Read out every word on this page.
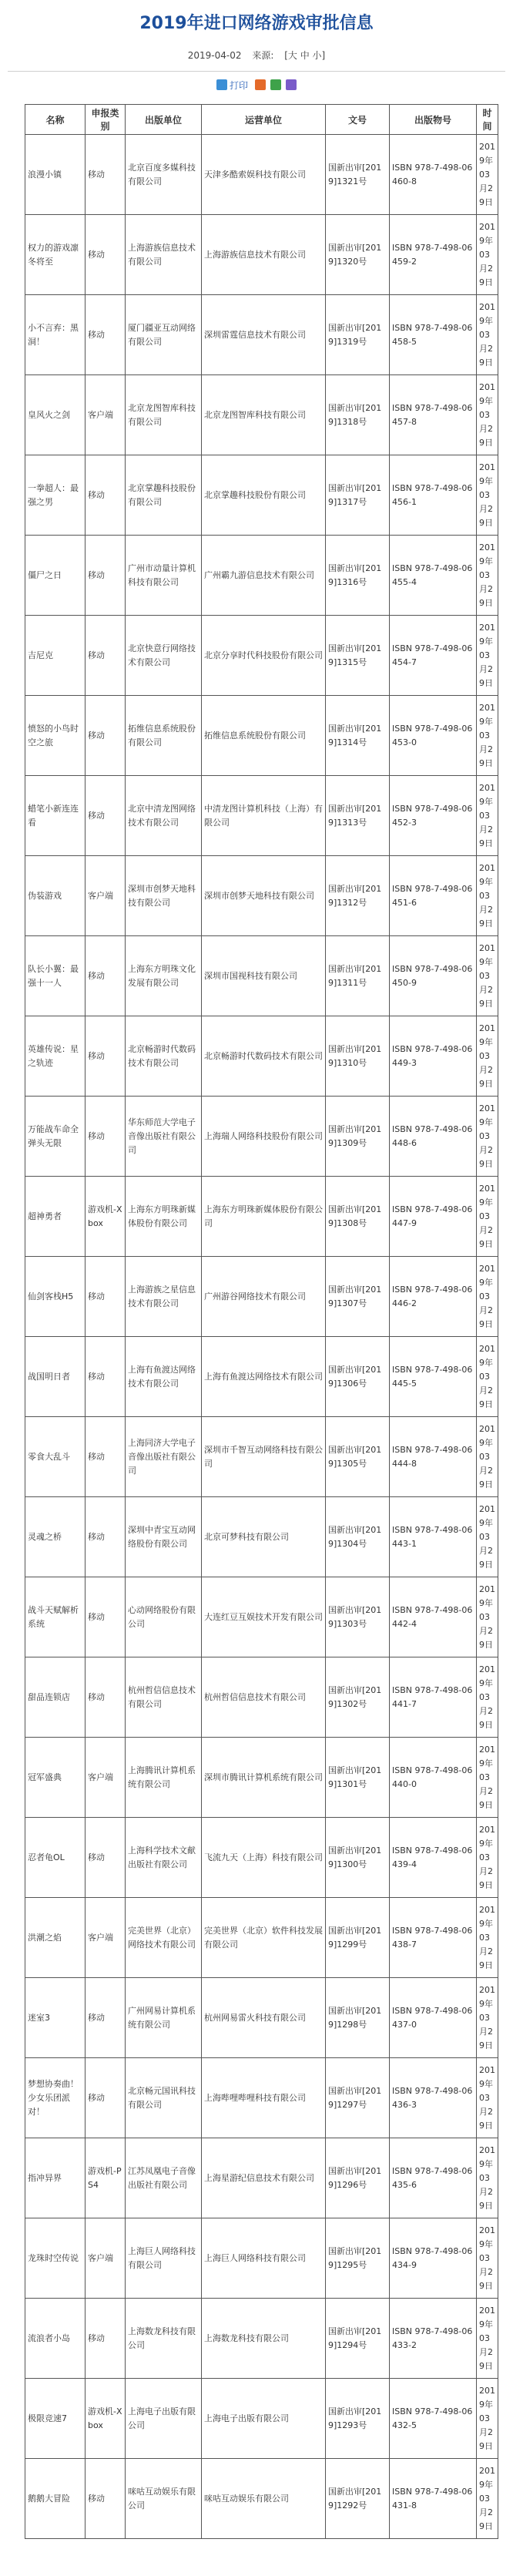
2019年进口网络游戏审批信息
2019-04-02 来源: [大 中 小]
打印
名称	申报类别	出版单位	运营单位	文号	出版物号	时间
浪漫小镇	移动	北京百度多媒科技有限公司	天津多酷索娱科技有限公司	国新出审[2019]1321号	ISBN 978-7-498-06460-8	2019年03月29日
权力的游戏凛冬将至	移动	上海游族信息技术有限公司	上海游族信息技术有限公司	国新出审[2019]1320号	ISBN 978-7-498-06459-2	2019年03月29日
小不言弃：黑洞！	移动	厦门疆亚互动网络有限公司	深圳雷霆信息技术有限公司	国新出审[2019]1319号	ISBN 978-7-498-06458-5	2019年03月29日
皇风火之剑	客户端	北京龙图智库科技有限公司	北京龙图智库科技有限公司	国新出审[2019]1318号	ISBN 978-7-498-06457-8	2019年03月29日
一拳超人：最强之男	移动	北京掌趣科技股份有限公司	北京掌趣科技股份有限公司	国新出审[2019]1317号	ISBN 978-7-498-06456-1	2019年03月29日
僵尸之日	移动	广州市动量计算机科技有限公司	广州霸九游信息技术有限公司	国新出审[2019]1316号	ISBN 978-7-498-06455-4	2019年03月29日
吉尼克	移动	北京快意行网络技术有限公司	北京分享时代科技股份有限公司	国新出审[2019]1315号	ISBN 978-7-498-06454-7	2019年03月29日
愤怒的小鸟时空之旅	移动	拓维信息系统股份有限公司	拓维信息系统股份有限公司	国新出审[2019]1314号	ISBN 978-7-498-06453-0	2019年03月29日
蜡笔小新连连看	移动	北京中清龙图网络技术有限公司	中清龙图计算机科技（上海）有限公司	国新出审[2019]1313号	ISBN 978-7-498-06452-3	2019年03月29日
伪装游戏	客户端	深圳市创梦天地科技有限公司	深圳市创梦天地科技有限公司	国新出审[2019]1312号	ISBN 978-7-498-06451-6	2019年03月29日
队长小翼：最强十一人	移动	上海东方明珠文化发展有限公司	深圳市国视科技有限公司	国新出审[2019]1311号	ISBN 978-7-498-06450-9	2019年03月29日
英雄传说：星之轨迹	移动	北京畅游时代数码技术有限公司	北京畅游时代数码技术有限公司	国新出审[2019]1310号	ISBN 978-7-498-06449-3	2019年03月29日
万能战车命全弹头无限	移动	华东师范大学电子音像出版社有限公司	上海瑞人网络科技股份有限公司	国新出审[2019]1309号	ISBN 978-7-498-06448-6	2019年03月29日
超神勇者	游戏机-Xbox	上海东方明珠新媒体股份有限公司	上海东方明珠新媒体股份有限公司	国新出审[2019]1308号	ISBN 978-7-498-06447-9	2019年03月29日
仙剑客栈H5	移动	上海游族之星信息技术有限公司	广州游谷网络技术有限公司	国新出审[2019]1307号	ISBN 978-7-498-06446-2	2019年03月29日
战国明日者	移动	上海有鱼渡达网络技术有限公司	上海有鱼渡达网络技术有限公司	国新出审[2019]1306号	ISBN 978-7-498-06445-5	2019年03月29日
零食大乱斗	移动	上海同济大学电子音像出版社有限公司	深圳市千智互动网络科技有限公司	国新出审[2019]1305号	ISBN 978-7-498-06444-8	2019年03月29日
灵魂之桥	移动	深圳中青宝互动网络股份有限公司	北京可梦科技有限公司	国新出审[2019]1304号	ISBN 978-7-498-06443-1	2019年03月29日
战斗天赋解析系统	移动	心动网络股份有限公司	大连红豆互娱技术开发有限公司	国新出审[2019]1303号	ISBN 978-7-498-06442-4	2019年03月29日
甜品连锁店	移动	杭州哲信信息技术有限公司	杭州哲信信息技术有限公司	国新出审[2019]1302号	ISBN 978-7-498-06441-7	2019年03月29日
冠军盛典	客户端	上海腾讯计算机系统有限公司	深圳市腾讯计算机系统有限公司	国新出审[2019]1301号	ISBN 978-7-498-06440-0	2019年03月29日
忍者龟OL	移动	上海科学技术文献出版社有限公司	飞流九天（上海）科技有限公司	国新出审[2019]1300号	ISBN 978-7-498-06439-4	2019年03月29日
洪潮之焰	客户端	完美世界（北京）网络技术有限公司	完美世界（北京）软件科技发展有限公司	国新出审[2019]1299号	ISBN 978-7-498-06438-7	2019年03月29日
迷室3	移动	广州网易计算机系统有限公司	杭州网易雷火科技有限公司	国新出审[2019]1298号	ISBN 978-7-498-06437-0	2019年03月29日
梦想协奏曲！少女乐团派对！	移动	北京畅元国讯科技有限公司	上海哔哩哔哩科技有限公司	国新出审[2019]1297号	ISBN 978-7-498-06436-3	2019年03月29日
指冲异界	游戏机-PS4	江苏凤凰电子音像出版社有限公司	上海星游纪信息技术有限公司	国新出审[2019]1296号	ISBN 978-7-498-06435-6	2019年03月29日
龙珠时空传说	客户端	上海巨人网络科技有限公司	上海巨人网络科技有限公司	国新出审[2019]1295号	ISBN 978-7-498-06434-9	2019年03月29日
流浪者小岛	移动	上海数龙科技有限公司	上海数龙科技有限公司	国新出审[2019]1294号	ISBN 978-7-498-06433-2	2019年03月29日
极限竞速7	游戏机-Xbox	上海电子出版有限公司	上海电子出版有限公司	国新出审[2019]1293号	ISBN 978-7-498-06432-5	2019年03月29日
鹅鹅大冒险	移动	咪咕互动娱乐有限公司	咪咕互动娱乐有限公司	国新出审[2019]1292号	ISBN 978-7-498-06431-8	2019年03月29日
